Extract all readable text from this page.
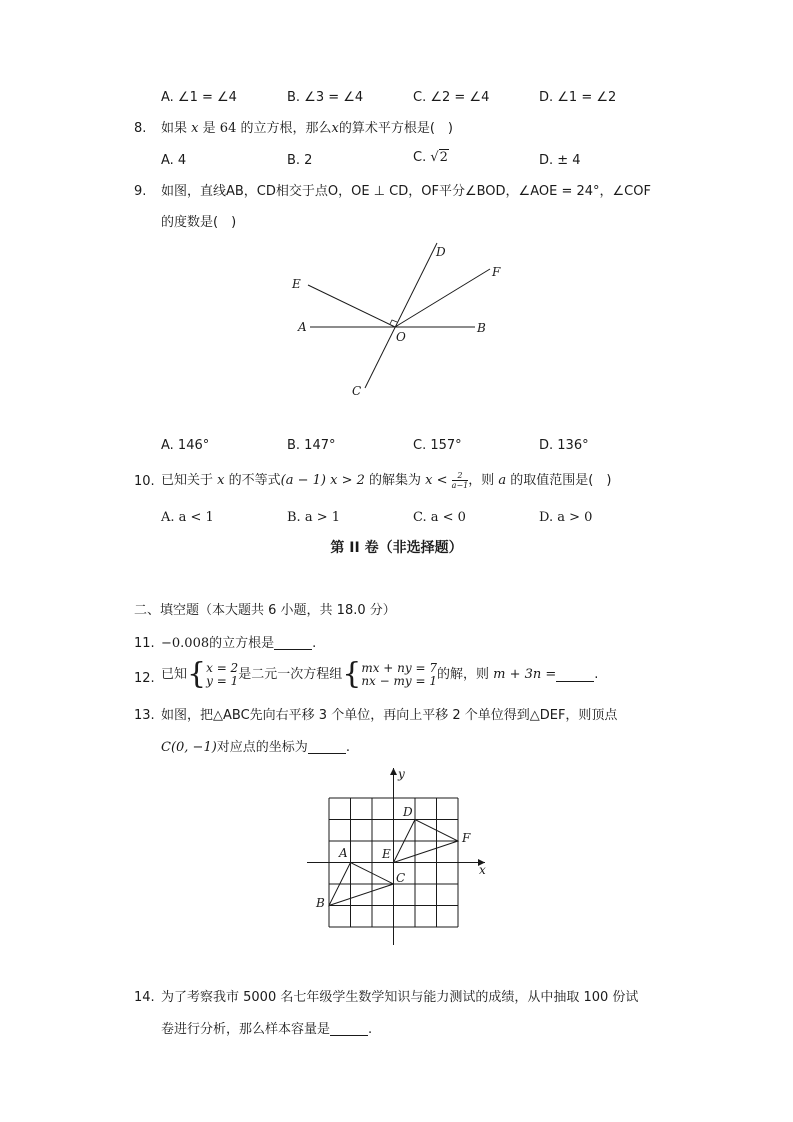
A. ∠1 = ∠4	B. ∠3 = ∠4	C. ∠2 = ∠4	D. ∠1 = ∠2
8. 如果 x 是 64 的立方根，那么x的算术平方根是(　)
A. 4	B. 2	C. √2	D. ± 4
9. 如图，直线AB，CD相交于点O，OE ⊥ CD，OF平分∠BOD，∠AOE = 24°，∠COF
的度数是(　)
D
F
E
A
O
B
C
A. 146°	B. 147°	C. 157°	D. 136°
10. 已知关于 x 的不等式(a − 1) x > 2 的解集为 $x < \frac{2}{a-1}$ ，则 a 的取值范围是(　)
A. a < 1	B. a > 1	C. a < 0	D. a > 0
第 II 卷（非选择题）
二、填空题（本大题共 6 小题，共 18.0 分）
11. −0.008的立方根是	.
12. 已知{ x = 2
y = 1 是二元一次方程组{ mx + ny = 7
nx − my = 1 的解，则 m + 3n =	.
13. 如图，把△ABC先向右平移 3 个单位，再向上平移 2 个单位得到△DEF，则顶点
C(0, −1)对应点的坐标为	.
y
x
A
B
C
D
E
F
14. 为了考察我市 5000 名七年级学生数学知识与能力测试的成绩，从中抽取 100 份试
卷进行分析，那么样本容量是	.
